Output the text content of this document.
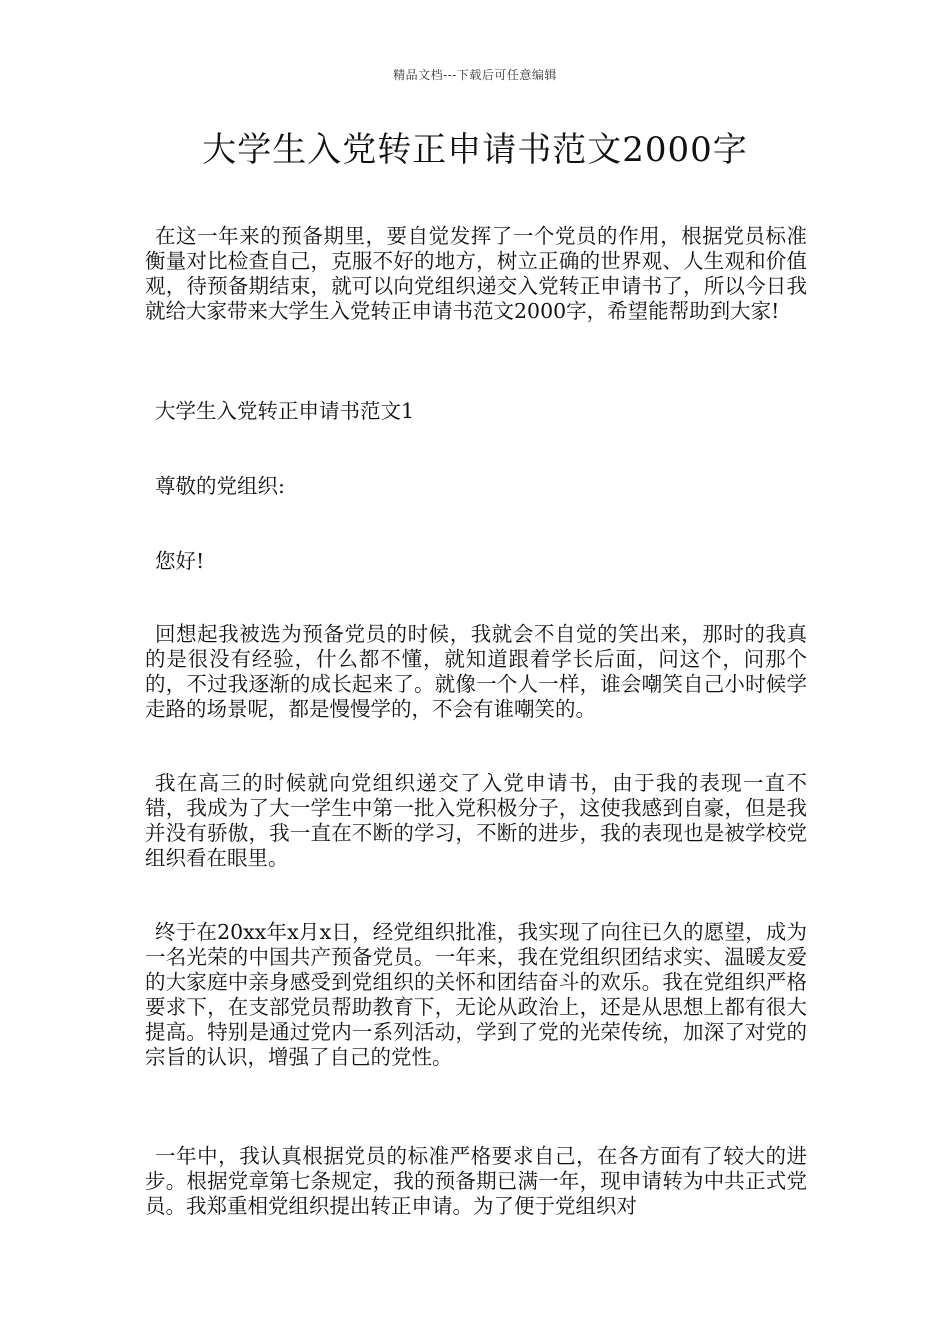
精品文档---下载后可任意编辑
大学生入党转正申请书范文2000字

在这一年来的预备期里，要自觉发挥了一个党员的作用，根据党员标准衡量对比检查自己，克服不好的地方，树立正确的世界观、人生观和价值观，待预备期结束，就可以向党组织递交入党转正申请书了，所以今日我就给大家带来大学生入党转正申请书范文2000字，希望能帮助到大家!

大学生入党转正申请书范文1

尊敬的党组织:

您好!

回想起我被选为预备党员的时候，我就会不自觉的笑出来，那时的我真的是很没有经验，什么都不懂，就知道跟着学长后面，问这个，问那个的，不过我逐渐的成长起来了。就像一个人一样，谁会嘲笑自己小时候学走路的场景呢，都是慢慢学的，不会有谁嘲笑的。

我在高三的时候就向党组织递交了入党申请书，由于我的表现一直不错，我成为了大一学生中第一批入党积极分子，这使我感到自豪，但是我并没有骄傲，我一直在不断的学习，不断的进步，我的表现也是被学校党组织看在眼里。

终于在20xx年x月x日，经党组织批准，我实现了向往已久的愿望，成为一名光荣的中国共产预备党员。一年来，我在党组织团结求实、温暖友爱的大家庭中亲身感受到党组织的关怀和团结奋斗的欢乐。我在党组织严格要求下，在支部党员帮助教育下，无论从政治上，还是从思想上都有很大提高。特别是通过党内一系列活动，学到了党的光荣传统，加深了对党的宗旨的认识，增强了自己的党性。

一年中，我认真根据党员的标准严格要求自己，在各方面有了较大的进步。根据党章第七条规定，我的预备期已满一年，现申请转为中共正式党员。我郑重相党组织提出转正申请。为了便于党组织对
